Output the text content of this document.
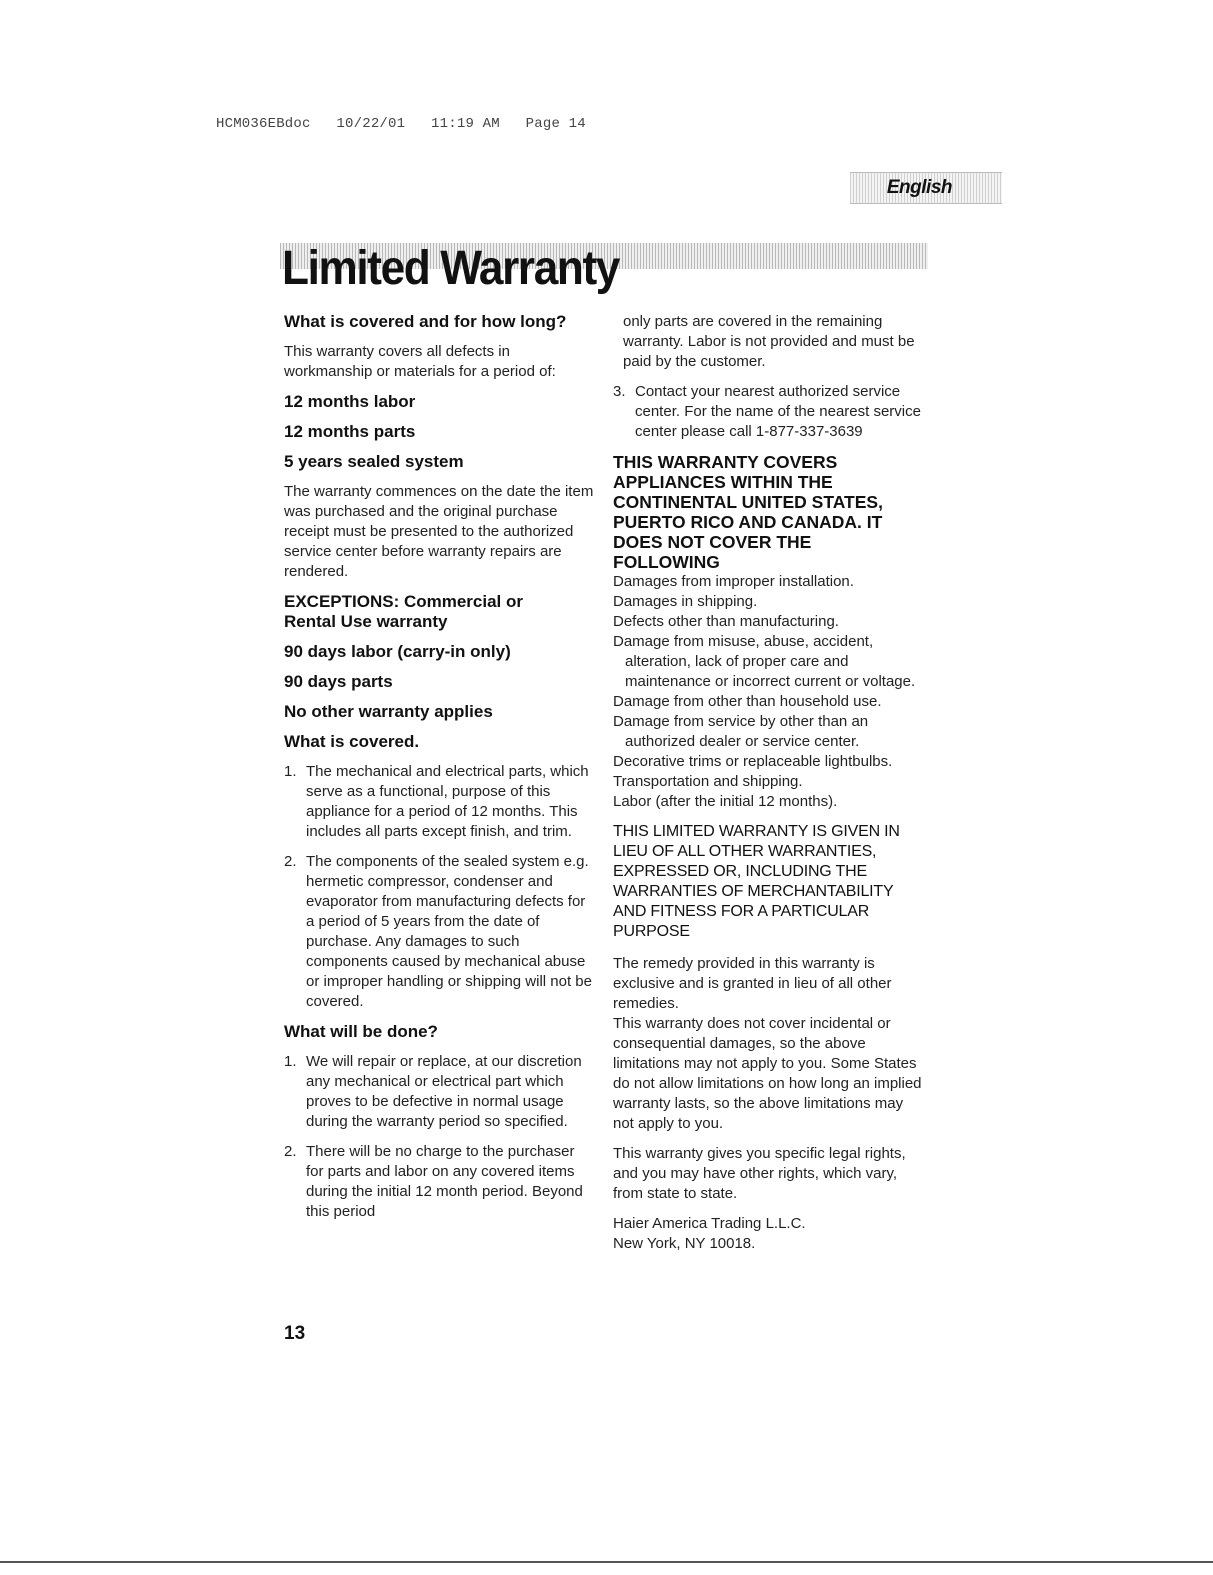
HCM036EBdoc   10/22/01   11:19 AM   Page 14
English
Limited Warranty
What is covered and for how long?
This warranty covers all defects in workmanship or materials for a period of:
12 months labor
12 months parts
5 years sealed system
The warranty commences on the date the item was purchased and the original purchase receipt must be presented to the authorized service center before warranty repairs are rendered.
EXCEPTIONS: Commercial or Rental Use warranty
90 days labor (carry-in only)
90 days parts
No other warranty applies
What is covered.
1. The mechanical and electrical parts, which serve as a functional, purpose of this appliance for a period of 12 months. This includes all parts except finish, and trim.
2. The components of the sealed system e.g. hermetic compressor, condenser and evaporator from manufacturing defects for a period of 5 years from the date of purchase. Any damages to such components caused by mechanical abuse or improper handling or shipping will not be covered.
What will be done?
1. We will repair or replace, at our discretion any mechanical or electrical part which proves to be defective in normal usage during the warranty period so specified.
2. There will be no charge to the purchaser for parts and labor on any covered items during the initial 12 month period. Beyond this period
only parts are covered in the remaining warranty. Labor is not provided and must be paid by the customer.
3. Contact your nearest authorized service center. For the name of the nearest service center please call 1-877-337-3639
THIS WARRANTY COVERS APPLIANCES WITHIN THE CONTINENTAL UNITED STATES, PUERTO RICO AND CANADA. IT DOES NOT COVER THE FOLLOWING
Damages from improper installation.
Damages in shipping.
Defects other than manufacturing.
Damage from misuse, abuse, accident, alteration, lack of proper care and maintenance or incorrect current or voltage.
Damage from other than household use.
Damage from service by other than an authorized dealer or service center.
Decorative trims or replaceable lightbulbs.
Transportation and shipping.
Labor (after the initial 12 months).
THIS LIMITED WARRANTY IS GIVEN IN LIEU OF ALL OTHER WARRANTIES, EXPRESSED OR, INCLUDING THE WARRANTIES OF MERCHANTABILITY AND FITNESS FOR A PARTICULAR PURPOSE
The remedy provided in this warranty is exclusive and is granted in lieu of all other remedies.
This warranty does not cover incidental or consequential damages, so the above limitations may not apply to you. Some States do not allow limitations on how long an implied warranty lasts, so the above limitations may not apply to you.
This warranty gives you specific legal rights, and you may have other rights, which vary, from state to state.
Haier America Trading L.L.C.
New York, NY 10018.
13
